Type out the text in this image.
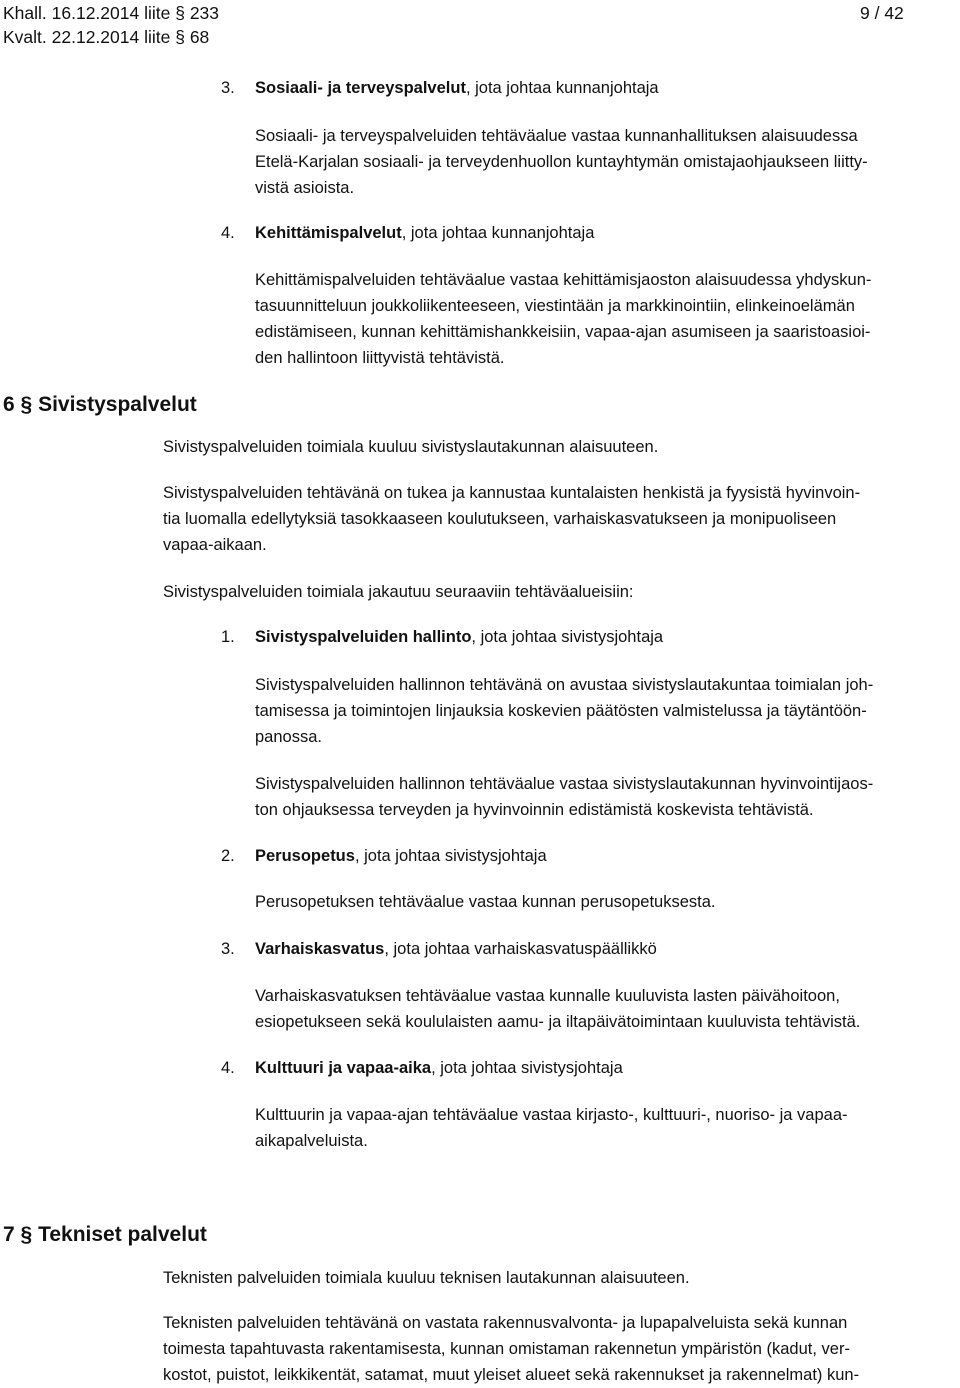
Khall. 16.12.2014 liite § 233
Kvalt. 22.12.2014 liite § 68
9 / 42
3. Sosiaali- ja terveyspalvelut, jota johtaa kunnanjohtaja
Sosiaali- ja terveyspalveluiden tehtäväalue vastaa kunnanhallituksen alaisuudessa
Etelä-Karjalan sosiaali- ja terveydenhuollon kuntayhtymän omistajaohjaukseen liitty-
vistä asioista.
4. Kehittämispalvelut, jota johtaa kunnanjohtaja
Kehittämispalveluiden tehtäväalue vastaa kehittämisjaoston alaisuudessa yhdyskun-
tasuunnitteluun joukkoliikenteeseen, viestintään ja markkinointiin, elinkeinoelämän
edistämiseen, kunnan kehittämishankkeisiin, vapaa-ajan asumiseen ja saaristoasioi-
den hallintoon liittyvistä tehtävistä.
6 § Sivistyspalvelut
Sivistyspalveluiden toimiala kuuluu sivistyslautakunnan alaisuuteen.
Sivistyspalveluiden tehtävänä on tukea ja kannustaa kuntalaisten henkistä ja fyysistä hyvinvoin-
tia luomalla edellytyksiä tasokkaaseen koulutukseen, varhaiskasvatukseen ja monipuoliseen
vapaa-aikaan.
Sivistyspalveluiden toimiala jakautuu seuraaviin tehtäväalueisiin:
1. Sivistyspalveluiden hallinto, jota johtaa sivistysjohtaja
Sivistyspalveluiden hallinnon tehtävänä on avustaa sivistyslautakuntaa toimialan joh-
tamisessa ja toimintojen linjauksia koskevien päätösten valmistelussa ja täytäntöön-
panossa.
Sivistyspalveluiden hallinnon tehtäväalue vastaa sivistyslautakunnan hyvinvointijaos-
ton ohjauksessa terveyden ja hyvinvoinnin edistämistä koskevista tehtävistä.
2. Perusopetus, jota johtaa sivistysjohtaja
Perusopetuksen tehtäväalue vastaa kunnan perusopetuksesta.
3. Varhaiskasvatus, jota johtaa varhaiskasvatuspäällikkö
Varhaiskasvatuksen tehtäväalue vastaa kunnalle kuuluvista lasten päivähoitoon,
esiopetukseen sekä koululaisten aamu- ja iltapäivätoimintaan kuuluvista tehtävistä.
4. Kulttuuri ja vapaa-aika, jota johtaa sivistysjohtaja
Kulttuurin ja vapaa-ajan tehtäväalue vastaa kirjasto-, kulttuuri-, nuoriso- ja vapaa-
aikapalveluista.
7 § Tekniset palvelut
Teknisten palveluiden toimiala kuuluu teknisen lautakunnan alaisuuteen.
Teknisten palveluiden tehtävänä on vastata rakennusvalvonta- ja lupapalveluista sekä kunnan
toimesta tapahtuvasta rakentamisesta, kunnan omistaman rakennetun ympäristön (kadut, ver-
kostot, puistot, leikkikentät, satamat, muut yleiset alueet sekä rakennukset ja rakennelmat) kun-
